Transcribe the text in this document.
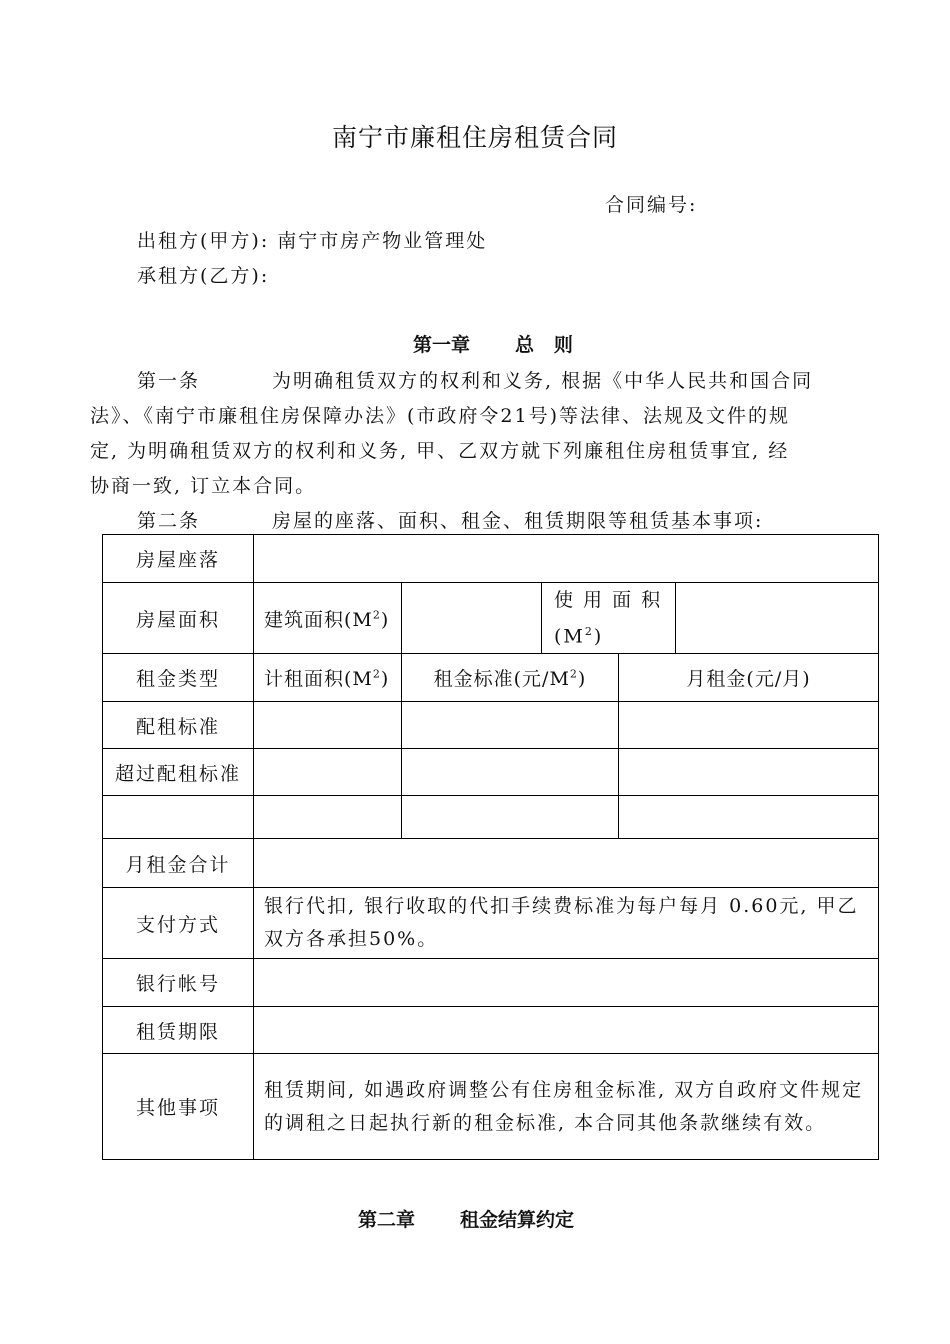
南宁市廉租住房租赁合同
合同编号:
出租方(甲方): 南宁市房产物业管理处
承租方(乙方):
第一章 总   则
第一条	为明确租赁双方的权利和义务, 根据《中华人民共和国合同
法》、《南宁市廉租住房保障办法》(市政府令21号)等法律、法规及文件的规
定, 为明确租赁双方的权利和义务, 甲、乙双方就下列廉租住房租赁事宜, 经
协商一致, 订立本合同。
第二条	房屋的座落、面积、租金、租赁期限等租赁基本事项:
房屋座落					
房屋面积	建筑面积$(M^2)$		使 用 面 积
$(M^2)$		

租金类型	计租面积$(M^2)$	租金标准(元$/M^2$)		月租金(元/月)	
配租标准					
超过配租标准					

月租金合计					
支付方式	银行代扣, 银行收取的代扣手续费标准为每户每月 0.60元, 甲乙双方各承担50%。				
银行帐号					
租赁期限					
其他事项	租赁期间, 如遇政府调整公有住房租金标准, 双方自政府文件规定的调租之日起执行新的租金标准, 本合同其他条款继续有效。				
第二章 租金结算约定
